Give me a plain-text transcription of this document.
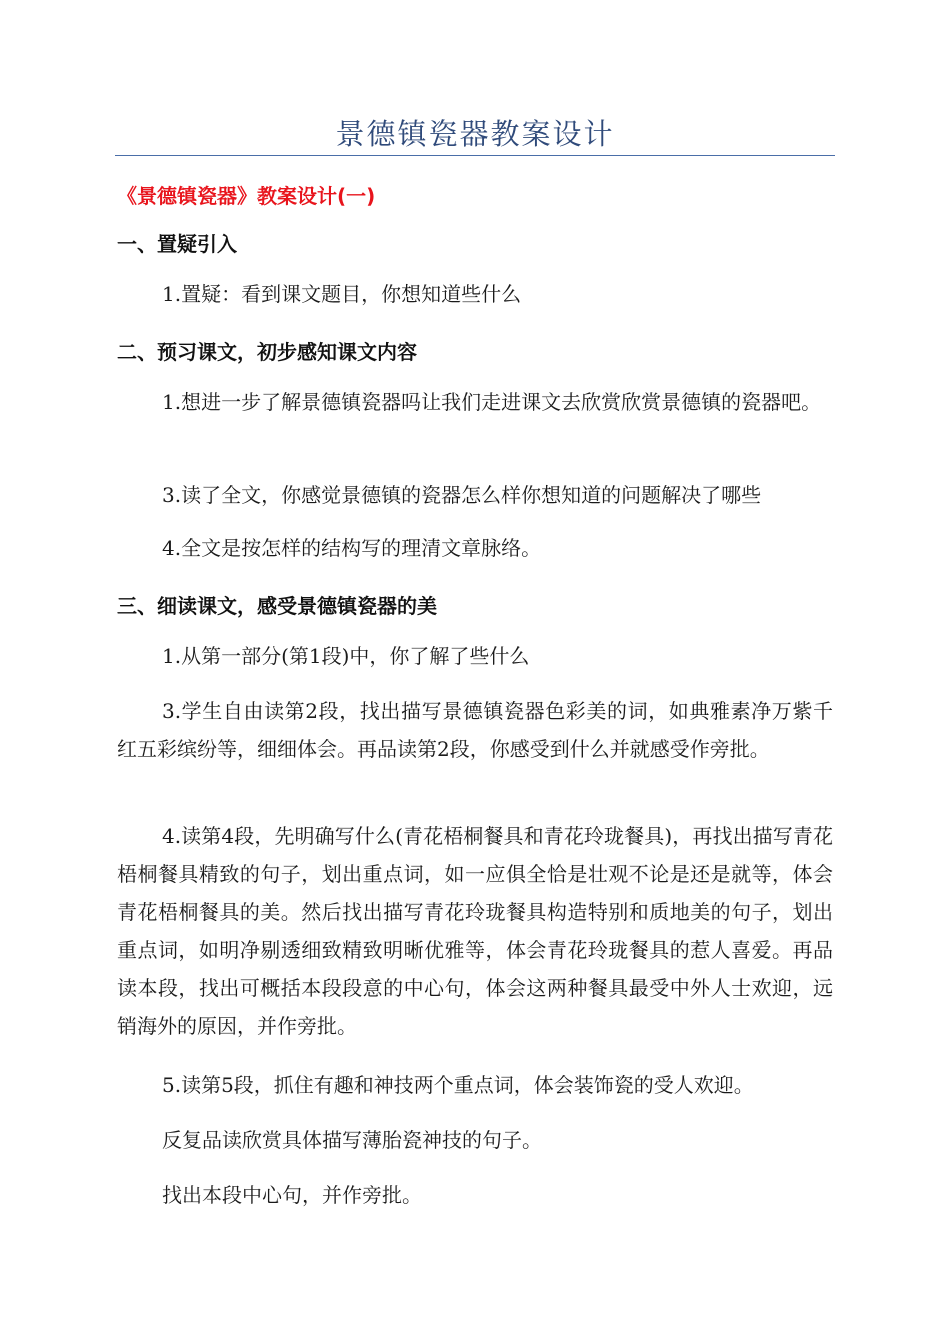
景德镇瓷器教案设计
《景德镇瓷器》教案设计(一)
一、置疑引入
1.置疑：看到课文题目，你想知道些什么
二、预习课文，初步感知课文内容
1.想进一步了解景德镇瓷器吗让我们走进课文去欣赏欣赏景德镇的瓷器吧。
3.读了全文，你感觉景德镇的瓷器怎么样你想知道的问题解决了哪些
4.全文是按怎样的结构写的理清文章脉络。
三、细读课文，感受景德镇瓷器的美
1.从第一部分(第1段)中，你了解了些什么
3.学生自由读第2段，找出描写景德镇瓷器色彩美的词，如典雅素净万紫千红五彩缤纷等，细细体会。再品读第2段，你感受到什么并就感受作旁批。
4.读第4段，先明确写什么(青花梧桐餐具和青花玲珑餐具)，再找出描写青花梧桐餐具精致的句子，划出重点词，如一应俱全恰是壮观不论是还是就等，体会青花梧桐餐具的美。然后找出描写青花玲珑餐具构造特别和质地美的句子，划出重点词，如明净剔透细致精致明晰优雅等，体会青花玲珑餐具的惹人喜爱。再品读本段，找出可概括本段段意的中心句，体会这两种餐具最受中外人士欢迎，远销海外的原因，并作旁批。
5.读第5段，抓住有趣和神技两个重点词，体会装饰瓷的受人欢迎。
反复品读欣赏具体描写薄胎瓷神技的句子。
找出本段中心句，并作旁批。
